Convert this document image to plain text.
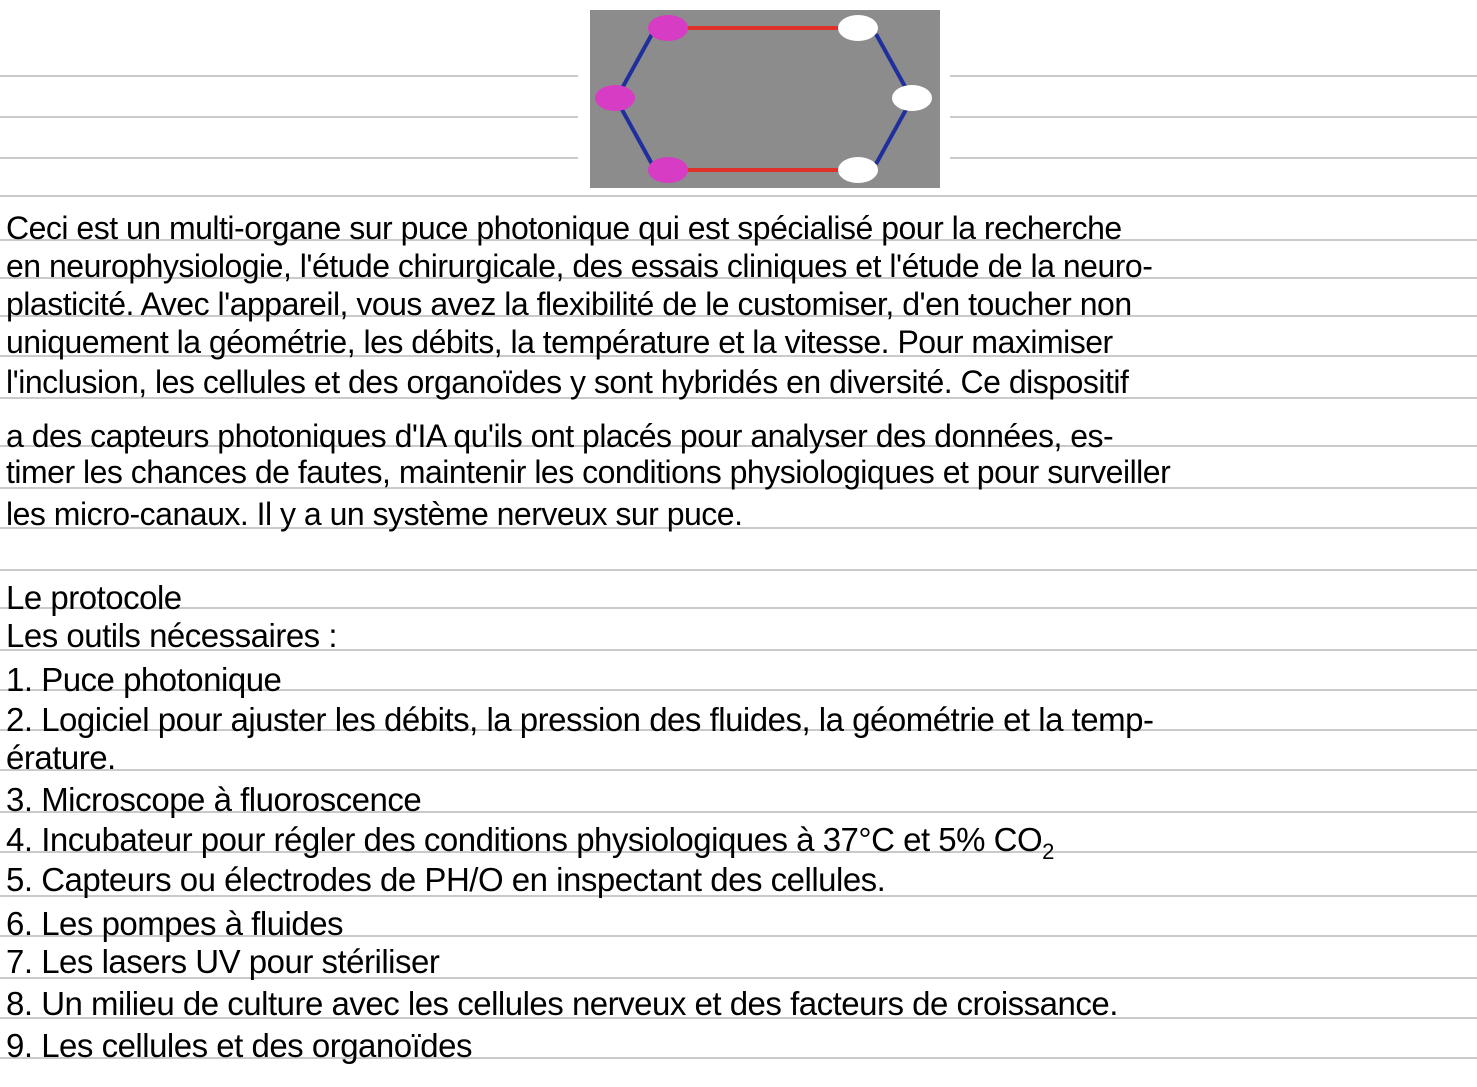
Ceci est un multi-organe sur puce photonique qui est spécialisé pour la recherche
en neurophysiologie, l'étude chirurgicale, des essais cliniques et l'étude de la neuro-
plasticité. Avec l'appareil, vous avez la flexibilité de le customiser, d'en toucher non
uniquement la géométrie, les débits, la température et la vitesse. Pour maximiser
l'inclusion, les cellules et des organoïdes y sont hybridés en diversité. Ce dispositif
a des capteurs photoniques d'IA qu'ils ont placés pour analyser des données, es-
timer les chances de fautes, maintenir les conditions physiologiques et pour surveiller
les micro-canaux. Il y a un système nerveux sur puce.
Le protocole
Les outils nécessaires :
1. Puce photonique
2. Logiciel pour ajuster les débits, la pression des fluides, la géométrie et la temp-
érature.
3. Microscope à fluoroscence
4. Incubateur pour régler des conditions physiologiques à 37°C et 5% $CO_2$
5. Capteurs ou électrodes de PH/O en inspectant des cellules.
6. Les pompes à fluides
7. Les lasers UV pour stériliser
8. Un milieu de culture avec les cellules nerveux et des facteurs de croissance.
9. Les cellules et des organoïdes
